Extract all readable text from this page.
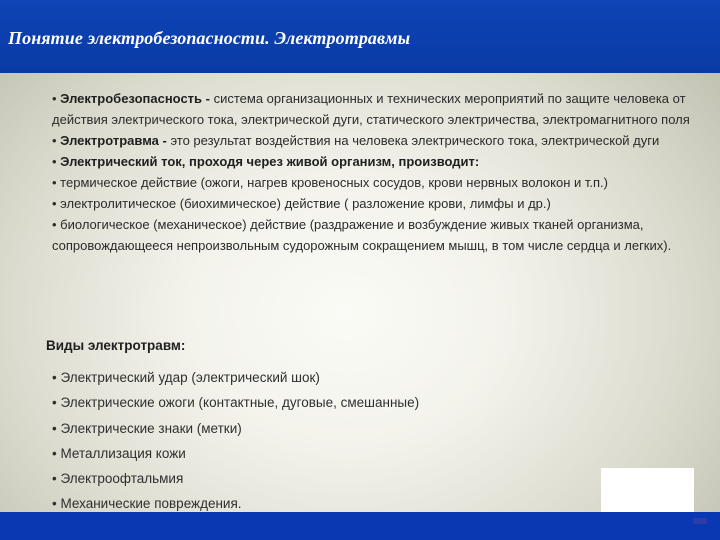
Понятие электробезопасности. Электротравмы

• Электробезопасность - система организационных и технических мероприятий по защите человека от действия электрического тока, электрической дуги, статического электричества, электромагнитного поля

• Электротравма - это результат воздействия на человека электрического тока, электрической дуги

• Электрический ток, проходя через живой организм, производит:

• термическое действие (ожоги, нагрев кровеносных сосудов, крови нервных волокон и т.п.)

• электролитическое (биохимическое) действие ( разложение крови, лимфы и др.)

• биологическое (механическое) действие (раздражение и возбуждение живых тканей организма, сопровождающееся непроизвольным судорожным сокращением мышц, в том числе сердца и легких).

Виды электротравм:
• Электрический удар (электрический шок)
• Электрические ожоги (контактные, дуговые, смешанные)
• Электрические знаки (метки)
• Металлизация кожи
• Электроофтальмия
• Механические повреждения.
